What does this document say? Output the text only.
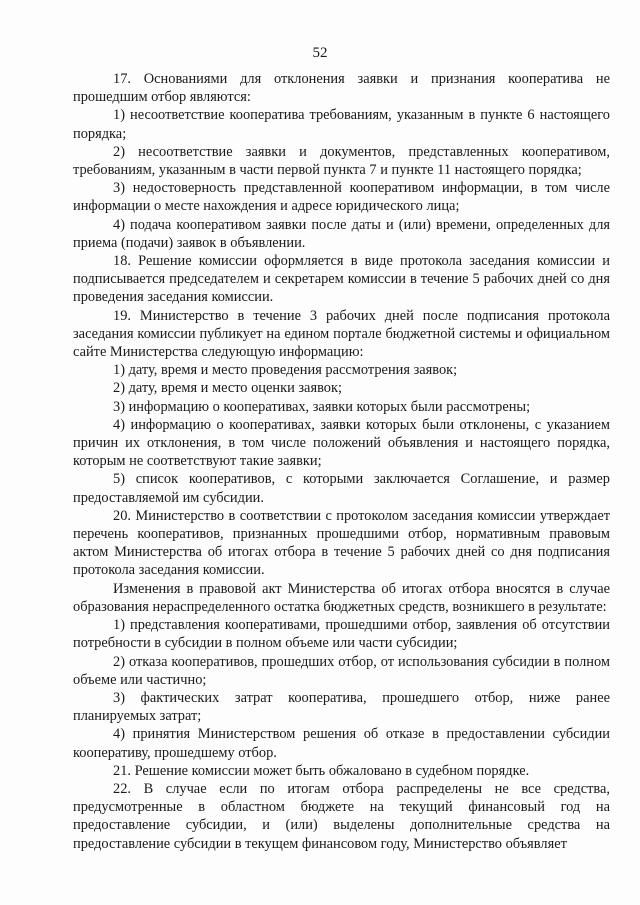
52

17. Основаниями для отклонения заявки и признания кооператива не прошедшим отбор являются:

1) несоответствие кооператива требованиям, указанным в пункте 6 настоящего порядка;

2) несоответствие заявки и документов, представленных кооперативом, требованиям, указанным в части первой пункта 7 и пункте 11 настоящего порядка;

3) недостоверность представленной кооперативом информации, в том числе информации о месте нахождения и адресе юридического лица;

4) подача кооперативом заявки после даты и (или) времени, определенных для приема (подачи) заявок в объявлении.

18. Решение комиссии оформляется в виде протокола заседания комиссии и подписывается председателем и секретарем комиссии в течение 5 рабочих дней со дня проведения заседания комиссии.

19. Министерство в течение 3 рабочих дней после подписания протокола заседания комиссии публикует на едином портале бюджетной системы и официальном сайте Министерства следующую информацию:

1) дату, время и место проведения рассмотрения заявок;

2) дату, время и место оценки заявок;

3) информацию о кооперативах, заявки которых были рассмотрены;

4) информацию о кооперативах, заявки которых были отклонены, с указанием причин их отклонения, в том числе положений объявления и настоящего порядка, которым не соответствуют такие заявки;

5) список кооперативов, с которыми заключается Соглашение, и размер предоставляемой им субсидии.

20. Министерство в соответствии с протоколом заседания комиссии утверждает перечень кооперативов, признанных прошедшими отбор, нормативным правовым актом Министерства об итогах отбора в течение 5 рабочих дней со дня подписания протокола заседания комиссии.

Изменения в правовой акт Министерства об итогах отбора вносятся в случае образования нераспределенного остатка бюджетных средств, возникшего в результате:

1) представления кооперативами, прошедшими отбор, заявления об отсутствии потребности в субсидии в полном объеме или части субсидии;

2) отказа кооперативов, прошедших отбор, от использования субсидии в полном объеме или частично;

3) фактических затрат кооператива, прошедшего отбор, ниже ранее планируемых затрат;

4) принятия Министерством решения об отказе в предоставлении субсидии кооперативу, прошедшему отбор.

21. Решение комиссии может быть обжаловано в судебном порядке.

22. В случае если по итогам отбора распределены не все средства, предусмотренные в областном бюджете на текущий финансовый год на предоставление субсидии, и (или) выделены дополнительные средства на предоставление субсидии в текущем финансовом году, Министерство объявляет
